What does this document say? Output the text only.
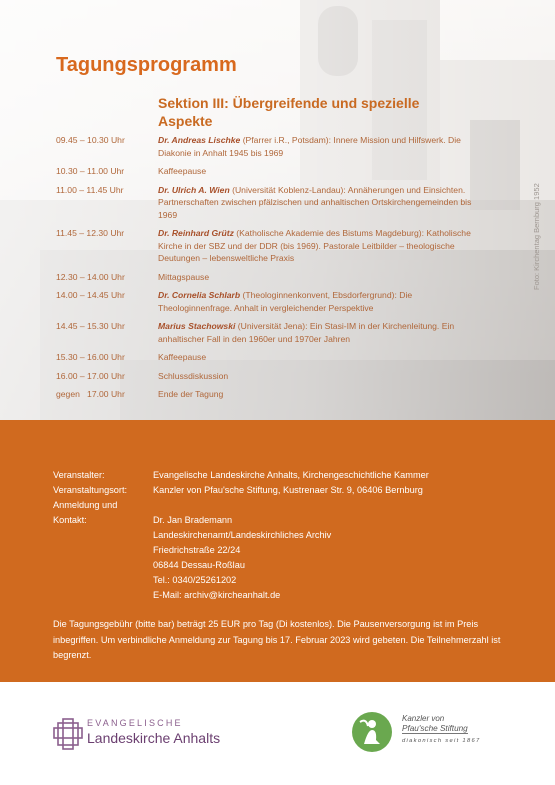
Tagungsprogramm
Sektion III: Übergreifende und spezielle Aspekte
09.45 – 10.30 Uhr	Dr. Andreas Lischke (Pfarrer i.R., Potsdam): Innere Mission und Hilfswerk. Die Diakonie in Anhalt 1945 bis 1969
10.30 – 11.00 Uhr	Kaffeepause
11.00 – 11.45 Uhr	Dr. Ulrich A. Wien (Universität Koblenz-Landau): Annäherungen und Einsichten. Partnerschaften zwischen pfälzischen und anhaltischen Ortskirchengemeinden bis 1969
11.45 – 12.30 Uhr	Dr. Reinhard Grütz (Katholische Akademie des Bistums Magdeburg): Katholische Kirche in der SBZ und der DDR (bis 1969). Pastorale Leitbilder – theologische Deutungen – lebensweltliche Praxis
12.30 – 14.00 Uhr	Mittagspause
14.00 – 14.45 Uhr	Dr. Cornelia Schlarb (Theologinnenkonvent, Ebsdorfergrund): Die Theologinnenfrage. Anhalt in vergleichender Perspektive
14.45 – 15.30 Uhr	Marius Stachowski (Universität Jena): Ein Stasi-IM in der Kirchenleitung. Ein anhaltischer Fall in den 1960er und 1970er Jahren
15.30 – 16.00 Uhr	Kaffeepause
16.00 – 17.00 Uhr	Schlussdiskussion
gegen   17.00 Uhr	Ende der Tagung
Foto: Kirchentag Bernburg 1952
Veranstalter:	Evangelische Landeskirche Anhalts, Kirchengeschichtliche Kammer
Veranstaltungsort:	Kanzler von Pfau'sche Stiftung, Kustrenaer Str. 9, 06406 Bernburg
Anmeldung und
Kontakt:	Dr. Jan Brademann
Landeskirchenamt/Landeskirchliches Archiv
Friedrichstraße 22/24
06844 Dessau-Roßlau
Tel.: 0340/25261202
E-Mail: archiv@kircheanhalt.de
Die Tagungsgebühr (bitte bar) beträgt 25 EUR pro Tag (Di kostenlos). Die Pausenversorgung ist im Preis inbegriffen. Um verbindliche Anmeldung zur Tagung bis 17. Februar 2023 wird gebeten. Die Teilnehmerzahl ist begrenzt.
EVANGELISCHE
Landeskirche Anhalts
Kanzler von
Pfau'sche Stiftung
diakonisch seit 1867
